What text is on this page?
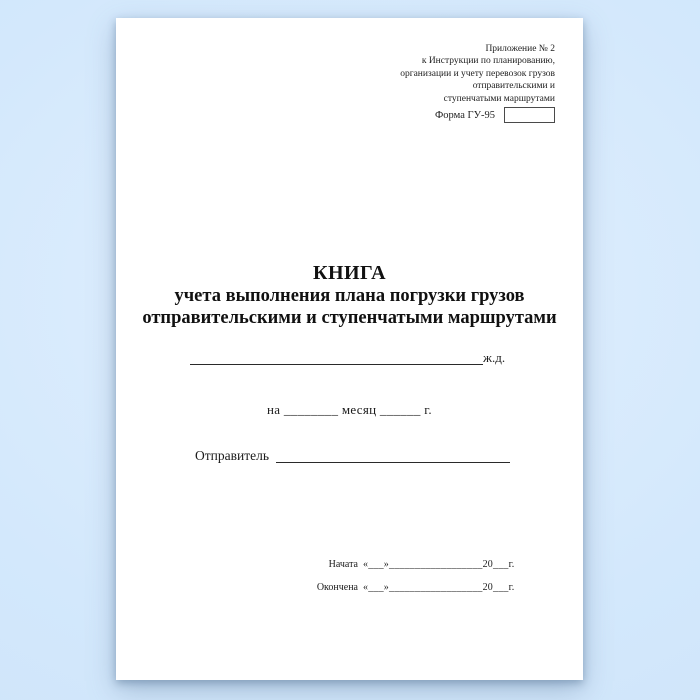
Приложение № 2
к Инструкции по планированию,
организации и учету перевозок грузов
отправительскими и
ступенчатыми маршрутами
Форма ГУ-95
КНИГА
учета выполнения плана погрузки грузов
отправительскими и ступенчатыми маршрутами
ж.д.
на ________ месяц ______ г.
Отправитель
Начата «___»__________________20___г.
Окончена «___»__________________20___г.
